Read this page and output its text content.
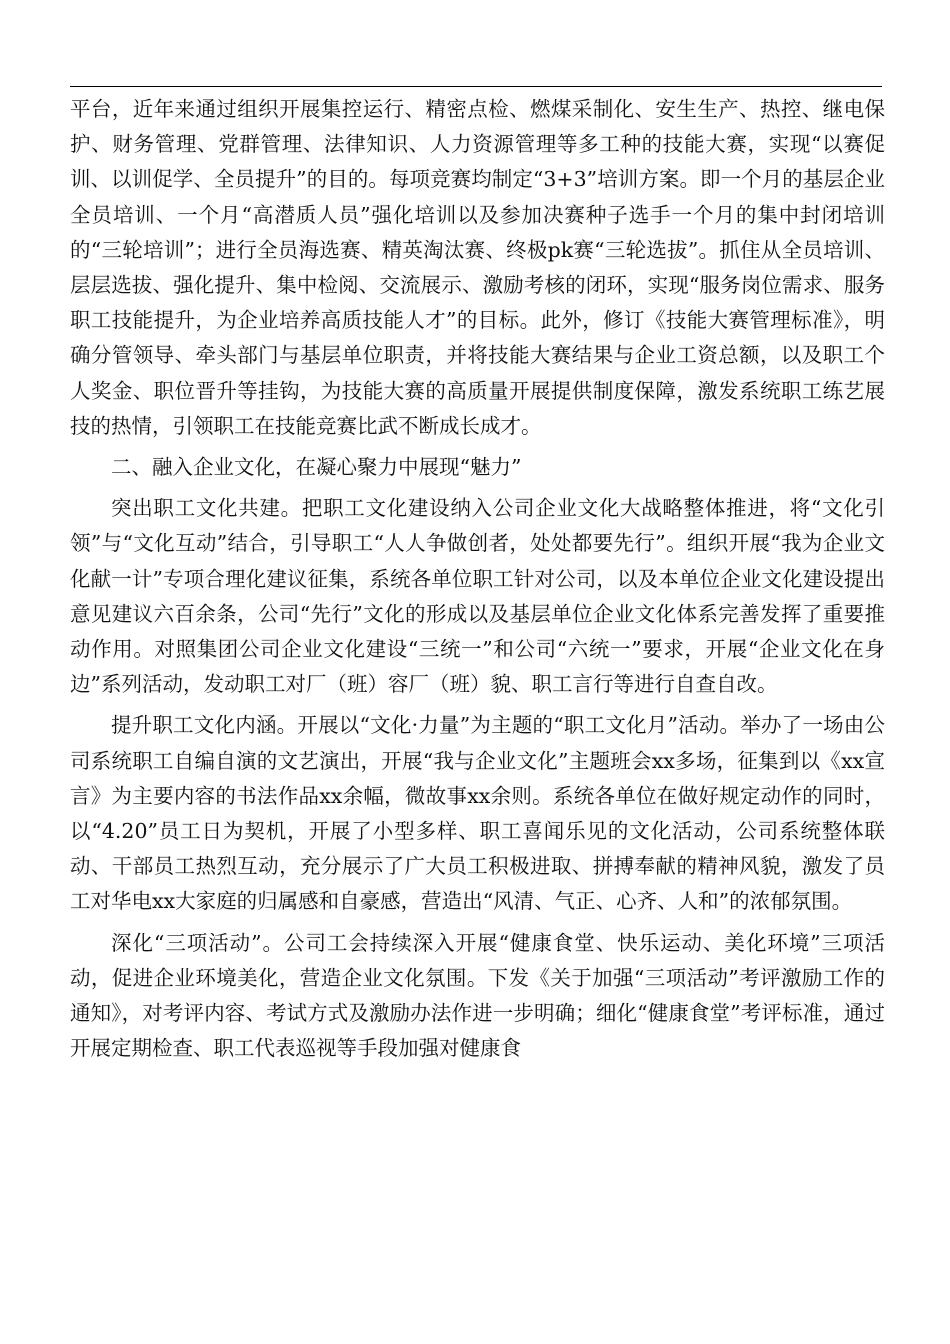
平台，近年来通过组织开展集控运行、精密点检、燃煤采制化、安生生产、热控、继电保护、财务管理、党群管理、法律知识、人力资源管理等多工种的技能大赛，实现“以赛促训、以训促学、全员提升”的目的。每项竞赛均制定“3+3”培训方案。即一个月的基层企业全员培训、一个月“高潜质人员”强化培训以及参加决赛种子选手一个月的集中封闭培训的“三轮培训”；进行全员海选赛、精英淘汰赛、终极pk赛“三轮选拔”。抓住从全员培训、层层选拔、强化提升、集中检阅、交流展示、激励考核的闭环，实现“服务岗位需求、服务职工技能提升，为企业培养高质技能人才”的目标。此外，修订《技能大赛管理标准》，明确分管领导、牵头部门与基层单位职责，并将技能大赛结果与企业工资总额，以及职工个人奖金、职位晋升等挂钩，为技能大赛的高质量开展提供制度保障，激发系统职工练艺展技的热情，引领职工在技能竞赛比武不断成长成才。

二、融入企业文化，在凝心聚力中展现“魅力”

突出职工文化共建。把职工文化建设纳入公司企业文化大战略整体推进，将“文化引领”与“文化互动”结合，引导职工“人人争做创者，处处都要先行”。组织开展“我为企业文化献一计”专项合理化建议征集，系统各单位职工针对公司，以及本单位企业文化建设提出意见建议六百余条，公司“先行”文化的形成以及基层单位企业文化体系完善发挥了重要推动作用。对照集团公司企业文化建设“三统一”和公司“六统一”要求，开展“企业文化在身边”系列活动，发动职工对厂（班）容厂（班）貌、职工言行等进行自查自改。

提升职工文化内涵。开展以“文化·力量”为主题的“职工文化月”活动。举办了一场由公司系统职工自编自演的文艺演出，开展“我与企业文化”主题班会xx多场，征集到以《xx宣言》为主要内容的书法作品xx余幅，微故事xx余则。系统各单位在做好规定动作的同时，以“4.20”员工日为契机，开展了小型多样、职工喜闻乐见的文化活动，公司系统整体联动、干部员工热烈互动，充分展示了广大员工积极进取、拼搏奉献的精神风貌，激发了员工对华电xx大家庭的归属感和自豪感，营造出“风清、气正、心齐、人和”的浓郁氛围。

深化“三项活动”。公司工会持续深入开展“健康食堂、快乐运动、美化环境”三项活动，促进企业环境美化，营造企业文化氛围。下发《关于加强“三项活动”考评激励工作的通知》，对考评内容、考试方式及激励办法作进一步明确；细化“健康食堂”考评标准，通过开展定期检查、职工代表巡视等手段加强对健康食
